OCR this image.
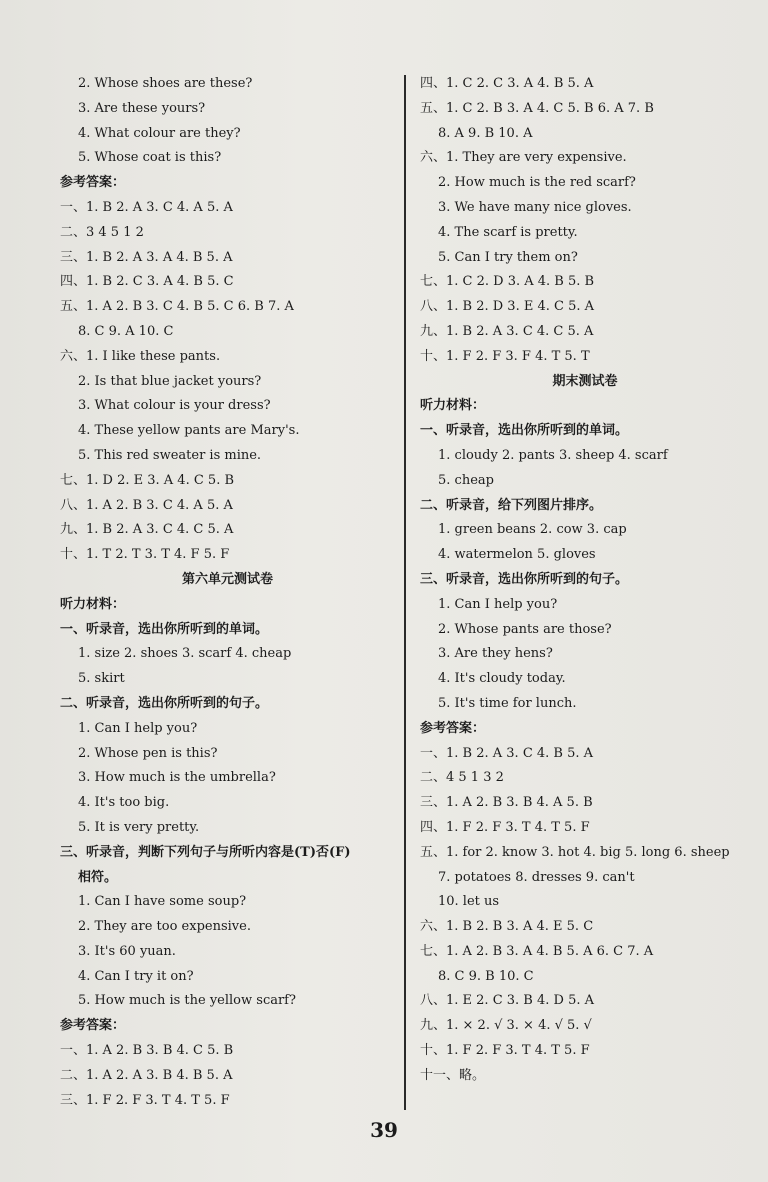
2. Whose shoes are these?
3. Are these yours?
4. What colour are they?
5. Whose coat is this?
参考答案：
一、1. B 2. A 3. C 4. A 5. A
二、3 4 5 1 2
三、1. B 2. A 3. A 4. B 5. A
四、1. B 2. C 3. A 4. B 5. C
五、1. A 2. B 3. C 4. B 5. C 6. B 7. A
8. C 9. A 10. C
六、1. I like these pants.
2. Is that blue jacket yours?
3. What colour is your dress?
4. These yellow pants are Mary's.
5. This red sweater is mine.
七、1. D 2. E 3. A 4. C 5. B
八、1. A 2. B 3. C 4. A 5. A
九、1. B 2. A 3. C 4. C 5. A
十、1. T 2. T 3. T 4. F 5. F
第六单元测试卷
听力材料：
一、听录音，选出你所听到的单词。
1. size 2. shoes 3. scarf 4. cheap
5. skirt
二、听录音，选出你所听到的句子。
1. Can I help you?
2. Whose pen is this?
3. How much is the umbrella?
4. It's too big.
5. It is very pretty.
三、听录音，判断下列句子与所听内容是(T)否(F)
相符。
1. Can I have some soup?
2. They are too expensive.
3. It's 60 yuan.
4. Can I try it on?
5. How much is the yellow scarf?
参考答案：
一、1. A 2. B 3. B 4. C 5. B
二、1. A 2. A 3. B 4. B 5. A
三、1. F 2. F 3. T 4. T 5. F
四、1. C 2. C 3. A 4. B 5. A
五、1. C 2. B 3. A 4. C 5. B 6. A 7. B
8. A 9. B 10. A
六、1. They are very expensive.
2. How much is the red scarf?
3. We have many nice gloves.
4. The scarf is pretty.
5. Can I try them on?
七、1. C 2. D 3. A 4. B 5. B
八、1. B 2. D 3. E 4. C 5. A
九、1. B 2. A 3. C 4. C 5. A
十、1. F 2. F 3. F 4. T 5. T
期末测试卷
听力材料：
一、听录音，选出你所听到的单词。
1. cloudy 2. pants 3. sheep 4. scarf
5. cheap
二、听录音，给下列图片排序。
1. green beans 2. cow 3. cap
4. watermelon 5. gloves
三、听录音，选出你所听到的句子。
1. Can I help you?
2. Whose pants are those?
3. Are they hens?
4. It's cloudy today.
5. It's time for lunch.
参考答案：
一、1. B 2. A 3. C 4. B 5. A
二、4 5 1 3 2
三、1. A 2. B 3. B 4. A 5. B
四、1. F 2. F 3. T 4. T 5. F
五、1. for 2. know 3. hot 4. big 5. long 6. sheep
7. potatoes 8. dresses 9. can't
10. let us
六、1. B 2. B 3. A 4. E 5. C
七、1. A 2. B 3. A 4. B 5. A 6. C 7. A
8. C 9. B 10. C
八、1. E 2. C 3. B 4. D 5. A
九、1. × 2. √ 3. × 4. √ 5. √
十、1. F 2. F 3. T 4. T 5. F
十一、略。
39
